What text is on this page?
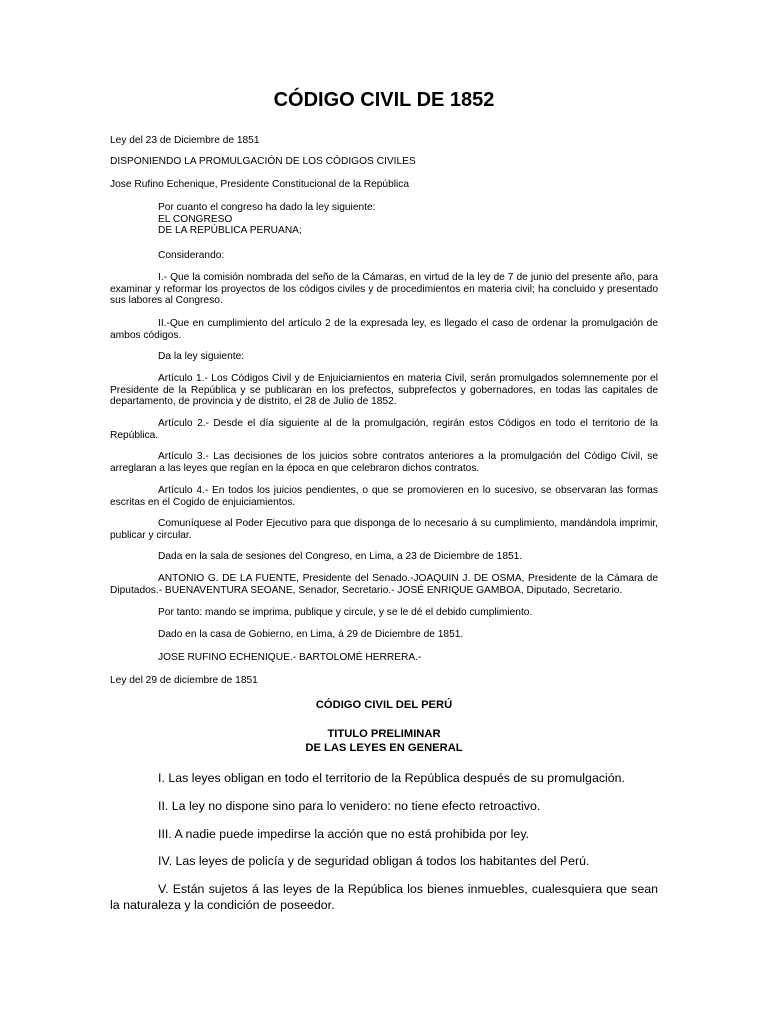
CÓDIGO CIVIL DE 1852

Ley del 23 de Diciembre de 1851

DISPONIENDO LA PROMULGACIÓN DE LOS CÓDIGOS CIVILES

Jose Rufino Echenique, Presidente Constitucional de la República

Por cuanto el congreso ha dado la ley siguiente:
EL CONGRESO
DE LA REPÚBLICA PERUANA;

Considerando:

I.- Que la comisión nombrada del seño de la Cámaras, en virtud de la ley de 7 de junio del presente año, para examinar y reformar los proyectos de los códigos civiles y de procedimientos en materia civil; ha concluido y presentado sus labores al Congreso.

II.-Que en cumplimiento del artículo 2 de la expresada ley, es llegado el caso de ordenar la promulgación de ambos códigos.

Da la ley siguiente:

Artículo 1.- Los Códigos Civil y de Enjuiciamientos en materia Civil, serán promulgados solemnemente por el Presidente de la República y se publicaran en los prefectos, subprefectos y gobernadores, en todas las capitales de departamento, de provincia y de distrito, el 28 de Julio de 1852.

Artículo 2.- Desde el día siguiente al de la promulgación, regirán estos Códigos en todo el territorio de la República.

Artículo 3.- Las decisiones de los juicios sobre contratos anteriores a la promulgación del Código Civil, se arreglaran a las leyes que regían en la época en que celebraron dichos contratos.

Artículo 4.- En todos los juicios pendientes, o que se promovieren en lo sucesivo, se observaran las formas escritas en el Cogido de enjuiciamientos.

Comuníquese al Poder Ejecutivo para que disponga de lo necesario á su cumplimiento, mandándola imprimir, publicar y circular.

Dada en la sala de sesiones del Congreso, en Lima, a 23 de Diciembre de 1851.

ANTONIO G. DE LA FUENTE, Presidente del Senado.-JOAQUIN J. DE OSMA, Presidente de la Cámara de Diputados.- BUENAVENTURA SEOANE, Senador, Secretario.- JOSÉ ENRIQUE GAMBOA, Diputado, Secretario.

Por tanto: mando se imprima, publique y circule, y se le dé el debido cumplimiento.

Dado en la casa de Gobierno, en Lima, á 29 de Diciembre de 1851.

JOSE RUFINO ECHENIQUE.- BARTOLOMÉ HERRERA.-

Ley del 29 de diciembre de 1851

CÓDIGO CIVIL DEL PERÚ

TITULO PRELIMINAR
DE LAS LEYES EN GENERAL

I. Las leyes obligan en todo el territorio de la República después de su promulgación.

II. La ley no dispone sino para lo venidero: no tiene efecto retroactivo.

III. A nadie puede impedirse la acción que no está prohibida por ley.

IV. Las leyes de policía y de seguridad obligan á todos los habitantes del Perú.

V. Están sujetos á las leyes de la República los bienes inmuebles, cualesquiera que sean la naturaleza y la condición de poseedor.
